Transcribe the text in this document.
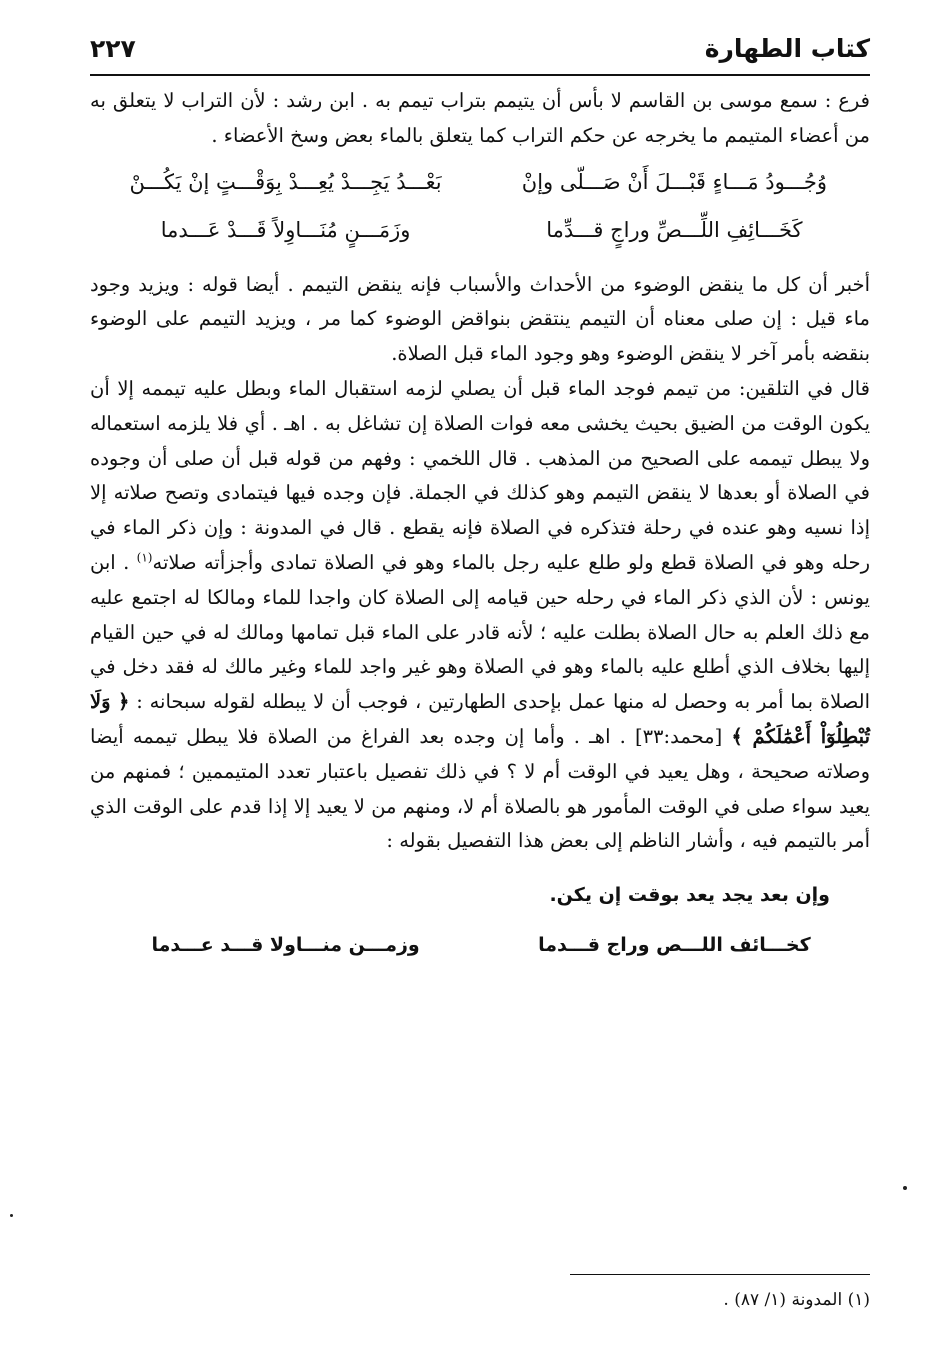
كتاب الطهارة
٢٢٧

فرع : سمع موسى بن القاسم لا بأس أن يتيمم بتراب تيمم به . ابن رشد : لأن التراب لا يتعلق به من أعضاء المتيمم ما يخرجه عن حكم التراب كما يتعلق بالماء بعض وسخ الأعضاء .

وُجُـــودُ مَـــاءٍ قَبْـــلَ أَنْ صَـــلّى وإنْ
بَعْـــدُ يَجِـــدْ يُعِـــدْ بِوَقْـــتٍ إنْ يَكُـــنْ
كَخَـــائِفِ اللِّـــصِّ وراجٍ قـــدِّما
وزَمَـــنٍ مُنَـــاوِلاً قَـــدْ عَـــدما

أخبر أن كل ما ينقض الوضوء من الأحداث والأسباب فإنه ينقض التيمم . أيضا قوله : ويزيد وجود ماء قيل : إن صلى معناه أن التيمم ينتقض بنواقض الوضوء كما مر ، ويزيد التيمم على الوضوء بنقضه بأمر آخر لا ينقض الوضوء وهو وجود الماء قبل الصلاة.

قال في التلقين: من تيمم فوجد الماء قبل أن يصلي لزمه استقبال الماء وبطل عليه تيممه إلا أن يكون الوقت من الضيق بحيث يخشى معه فوات الصلاة إن تشاغل به . اهـ . أي فلا يلزمه استعماله ولا يبطل تيممه على الصحيح من المذهب . قال اللخمي : وفهم من قوله قبل أن صلى أن وجوده في الصلاة أو بعدها لا ينقض التيمم وهو كذلك في الجملة. فإن وجده فيها فيتمادى وتصح صلاته إلا إذا نسيه وهو عنده في رحلة فتذكره في الصلاة فإنه يقطع . قال في المدونة : وإن ذكر الماء في رحله وهو في الصلاة قطع ولو طلع عليه رجل بالماء وهو في الصلاة تمادى وأجزأته صلاته$^{(١)}$ . ابن يونس : لأن الذي ذكر الماء في رحله حين قيامه إلى الصلاة كان واجدا للماء ومالكا له اجتمع عليه مع ذلك العلم به حال الصلاة بطلت عليه ؛ لأنه قادر على الماء قبل تمامها ومالك له في حين القيام إليها بخلاف الذي أطلع عليه بالماء وهو في الصلاة وهو غير واجد للماء وغير مالك له فقد دخل في الصلاة بما أمر به وحصل له منها عمل بإحدى الطهارتين ، فوجب أن لا يبطله لقوله سبحانه : ﴿ وَلَا تُبْطِلُوٓاْ أَعْمَٰلَكُمْ ﴾ [محمد:٣٣] . اهـ . وأما إن وجده بعد الفراغ من الصلاة فلا يبطل تيممه أيضا وصلاته صحيحة ، وهل يعيد في الوقت أم لا ؟ في ذلك تفصيل باعتبار تعدد المتيممين ؛ فمنهم من يعيد سواء صلى في الوقت المأمور هو بالصلاة أم لا، ومنهم من لا يعيد إلا إذا قدم على الوقت الذي أمر بالتيمم فيه ، وأشار الناظم إلى بعض هذا التفصيل بقوله :

وإن بعد يجد يعد بوقت إن يكن.
كخـــائف اللـــص وراج قـــدما
وزمـــن منـــاولا قـــد عـــدما
(١) المدونة (١/ ٨٧) .
